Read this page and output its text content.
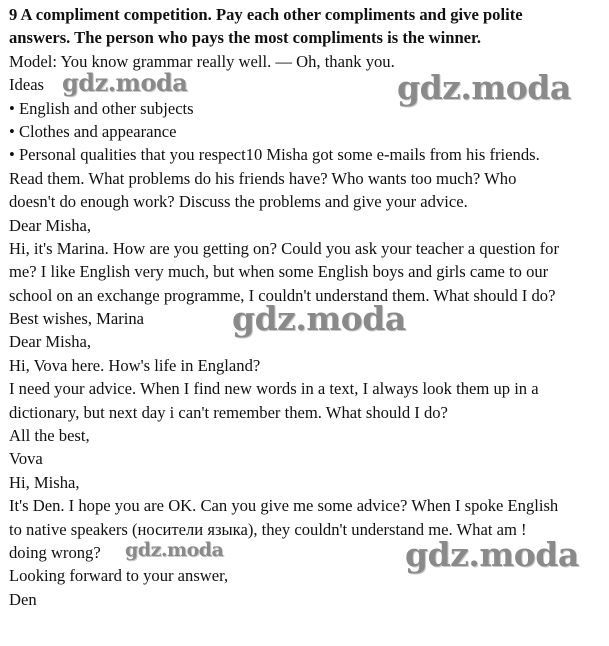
9 A compliment competition. Pay each other compliments and give polite
answers. The person who pays the most compliments is the winner.
Model: You know grammar really well. — Oh, thank you.
Ideas
• English and other subjects
• Clothes and appearance
• Personal qualities that you respect10 Misha got some e-mails from his friends.
Read them. What problems do his friends have? Who wants too much? Who
doesn't do enough work? Discuss the problems and give your advice.
Dear Misha,
Hi, it's Marina. How are you getting on? Could you ask your teacher a question for
me? I like English very much, but when some English boys and girls came to our
school on an exchange programme, I couldn't understand them. What should I do?
Best wishes, Marina
Dear Misha,
Hi, Vova here. How's life in England?
I need your advice. When I find new words in a text, I always look them up in a
dictionary, but next day i can't remember them. What should I do?
All the best,
Vova
Hi, Misha,
It's Den. I hope you are OK. Can you give me some advice? When I spoke English
to native speakers (носители языка), they couldn't understand me. What am !
doing wrong?
Looking forward to your answer,
Den
gdz.moda	gdz.moda
gdz.moda
gdz.moda	gdz.moda
